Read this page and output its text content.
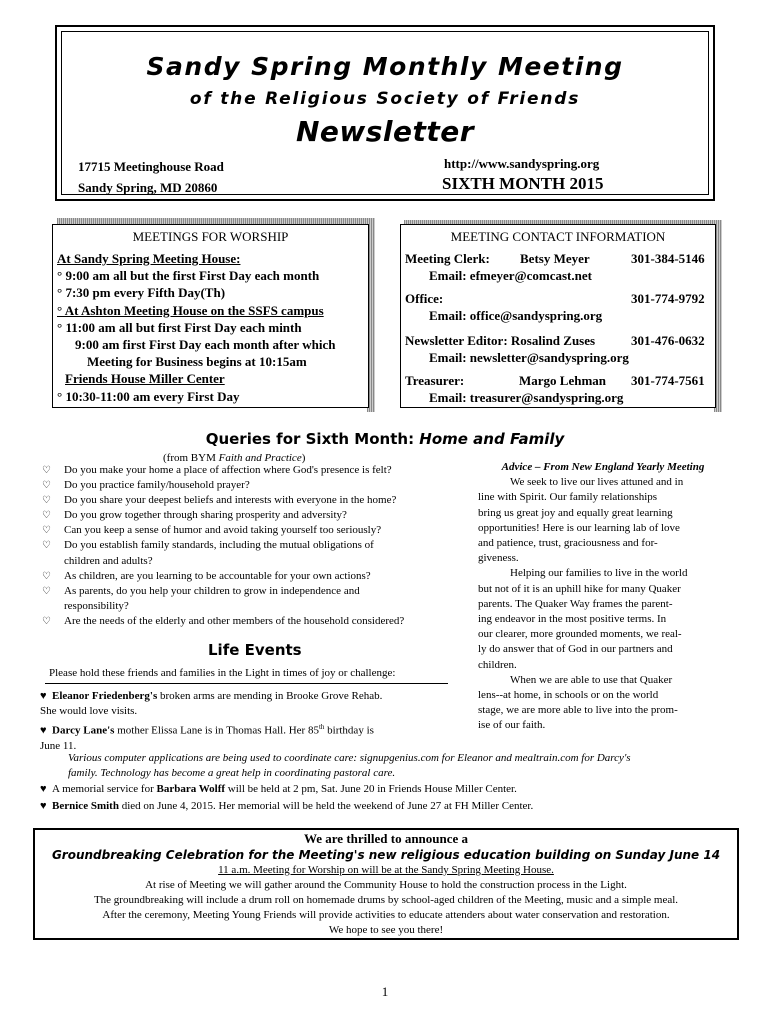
Sandy Spring Monthly Meeting
of the Religious Society of Friends
Newsletter
17715 Meetinghouse Road
Sandy Spring, MD 20860
http://www.sandyspring.org
SIXTH MONTH 2015
MEETINGS FOR WORSHIP
At Sandy Spring Meeting House:
° 9:00 am all but the first First Day each month
° 7:30 pm every Fifth Day(Th)
° At Ashton Meeting House on the SSFS campus
° 11:00 am all but first First Day each minth
9:00 am first First Day each month after which
Meeting for Business begins at 10:15am
Friends House Miller Center
° 10:30-11:00 am every First Day
MEETING CONTACT INFORMATION
Meeting Clerk: Betsy Meyer	301-384-5146
Email: efmeyer@comcast.net
Office:	301-774-9792
Email: office@sandyspring.org
Newsletter Editor: Rosalind Zuses	301-476-0632
Email: newsletter@sandyspring.org
Treasurer:	Margo Lehman 301-774-7561
Email: treasurer@sandyspring.org
Queries for Sixth Month: Home and Family
(from BYM Faith and Practice)
♡ Do you make your home a place of affection where God's presence is felt?
♡ Do you practice family/household prayer?
♡ Do you share your deepest beliefs and interests with everyone in the home?
♡ Do you grow together through sharing prosperity and adversity?
♡ Can you keep a sense of humor and avoid taking yourself too seriously?
♡ Do you establish family standards, including the mutual obligations of
children and adults?
♡ As children, are you learning to be accountable for your own actions?
♡ As parents, do you help your children to grow in independence and
responsibility?
♡ Are the needs of the elderly and other members of the household considered?
Advice – From New England Yearly Meeting
We seek to live our lives attuned and in
line with Spirit. Our family relationships
bring us great joy and equally great learning
opportunities! Here is our learning lab of love
and patience, trust, graciousness and for-
giveness.
Helping our families to live in the world
but not of it is an uphill hike for many Quaker
parents. The Quaker Way frames the parent-
ing endeavor in the most positive terms. In
our clearer, more grounded moments, we real-
ly do answer that of God in our partners and
children.
When we are able to use that Quaker
lens--at home, in schools or on the world
stage, we are more able to live into the prom-
ise of our faith.
Life Events
Please hold these friends and families in the Light in times of joy or challenge:
♥ Eleanor Friedenberg's broken arms are mending in Brooke Grove Rehab.
She would love visits.
♥ Darcy Lane's mother Elissa Lane is in Thomas Hall. Her 85th birthday is
June 11.
Various computer applications are being used to coordinate care: signupgenius.com for Eleanor and mealtrain.com for Darcy's
family. Technology has become a great help in coordinating pastoral care.
♥ A memorial service for Barbara Wolff will be held at 2 pm, Sat. June 20 in Friends House Miller Center.
♥ Bernice Smith died on June 4, 2015. Her memorial will be held the weekend of June 27 at FH Miller Center.
We are thrilled to announce a
Groundbreaking Celebration for the Meeting's new religious education building on Sunday June 14
11 a.m. Meeting for Worship on will be at the Sandy Spring Meeting House.
At rise of Meeting we will gather around the Community House to hold the construction process in the Light.
The groundbreaking will include a drum roll on homemade drums by school-aged children of the Meeting, music and a simple meal.
After the ceremony, Meeting Young Friends will provide activities to educate attenders about water conservation and restoration.
We hope to see you there!
1
